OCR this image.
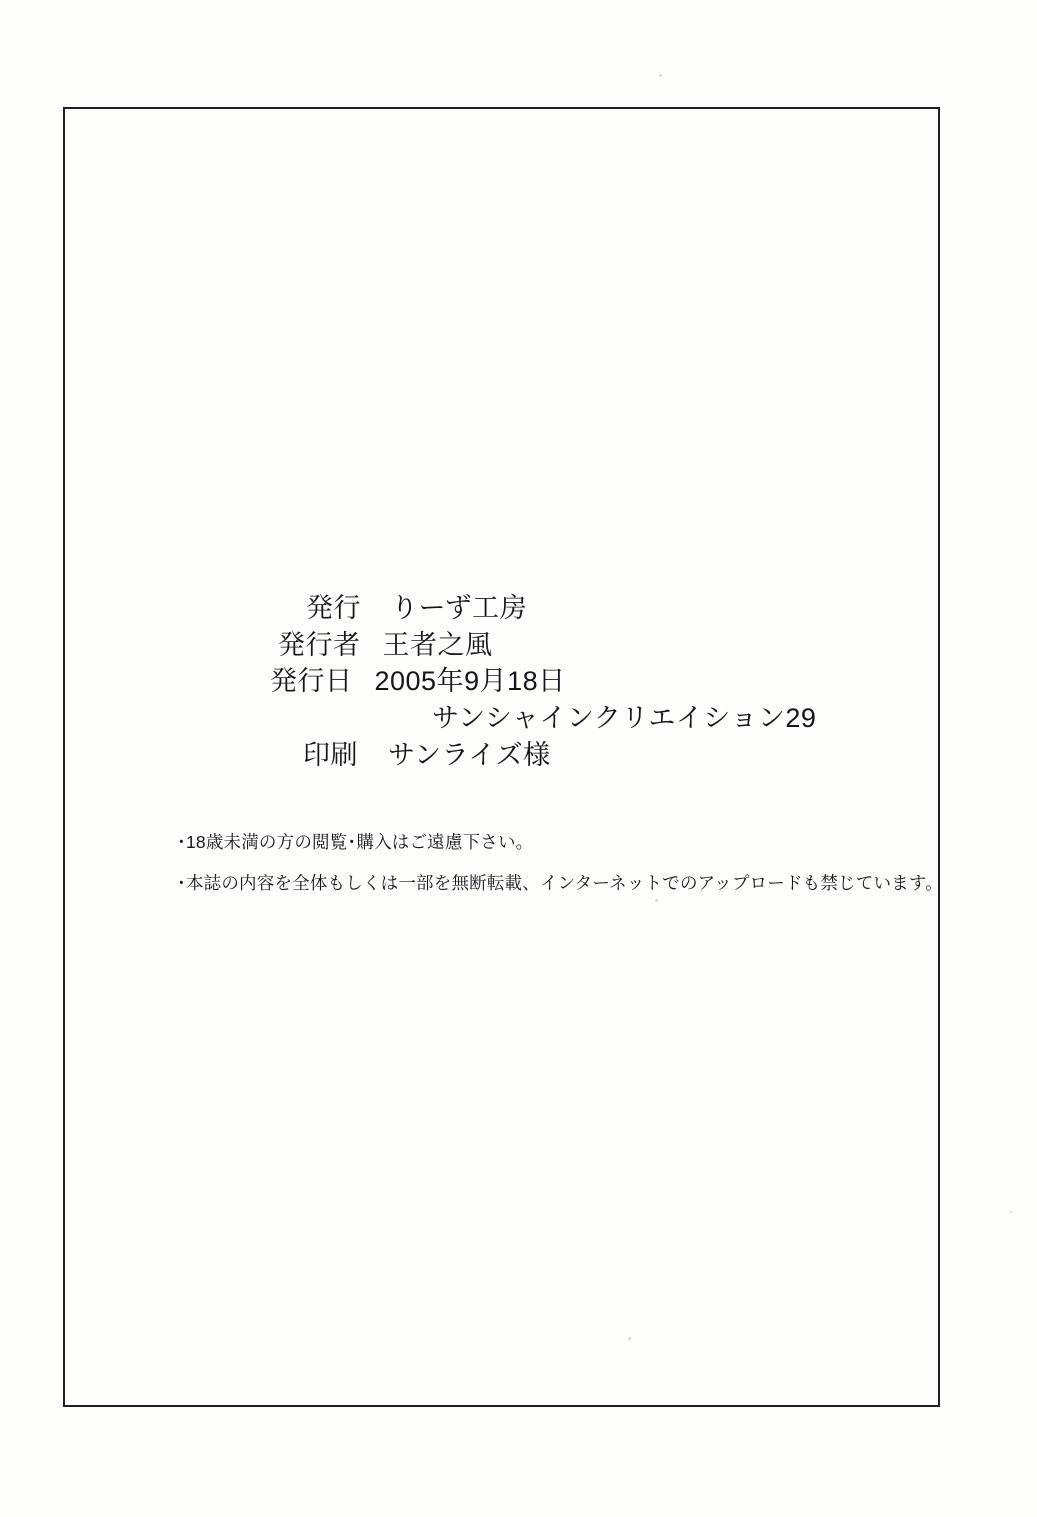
発行 りーず工房
発行者 王者之風
発行日 2005年9月18日
サンシャインクリエイション29
印刷 サンライズ様
･18歳未満の方の閲覧･購入はご遠慮下さい。
･本誌の内容を全体もしくは一部を無断転載、インターネットでのアップロードも禁じています。
